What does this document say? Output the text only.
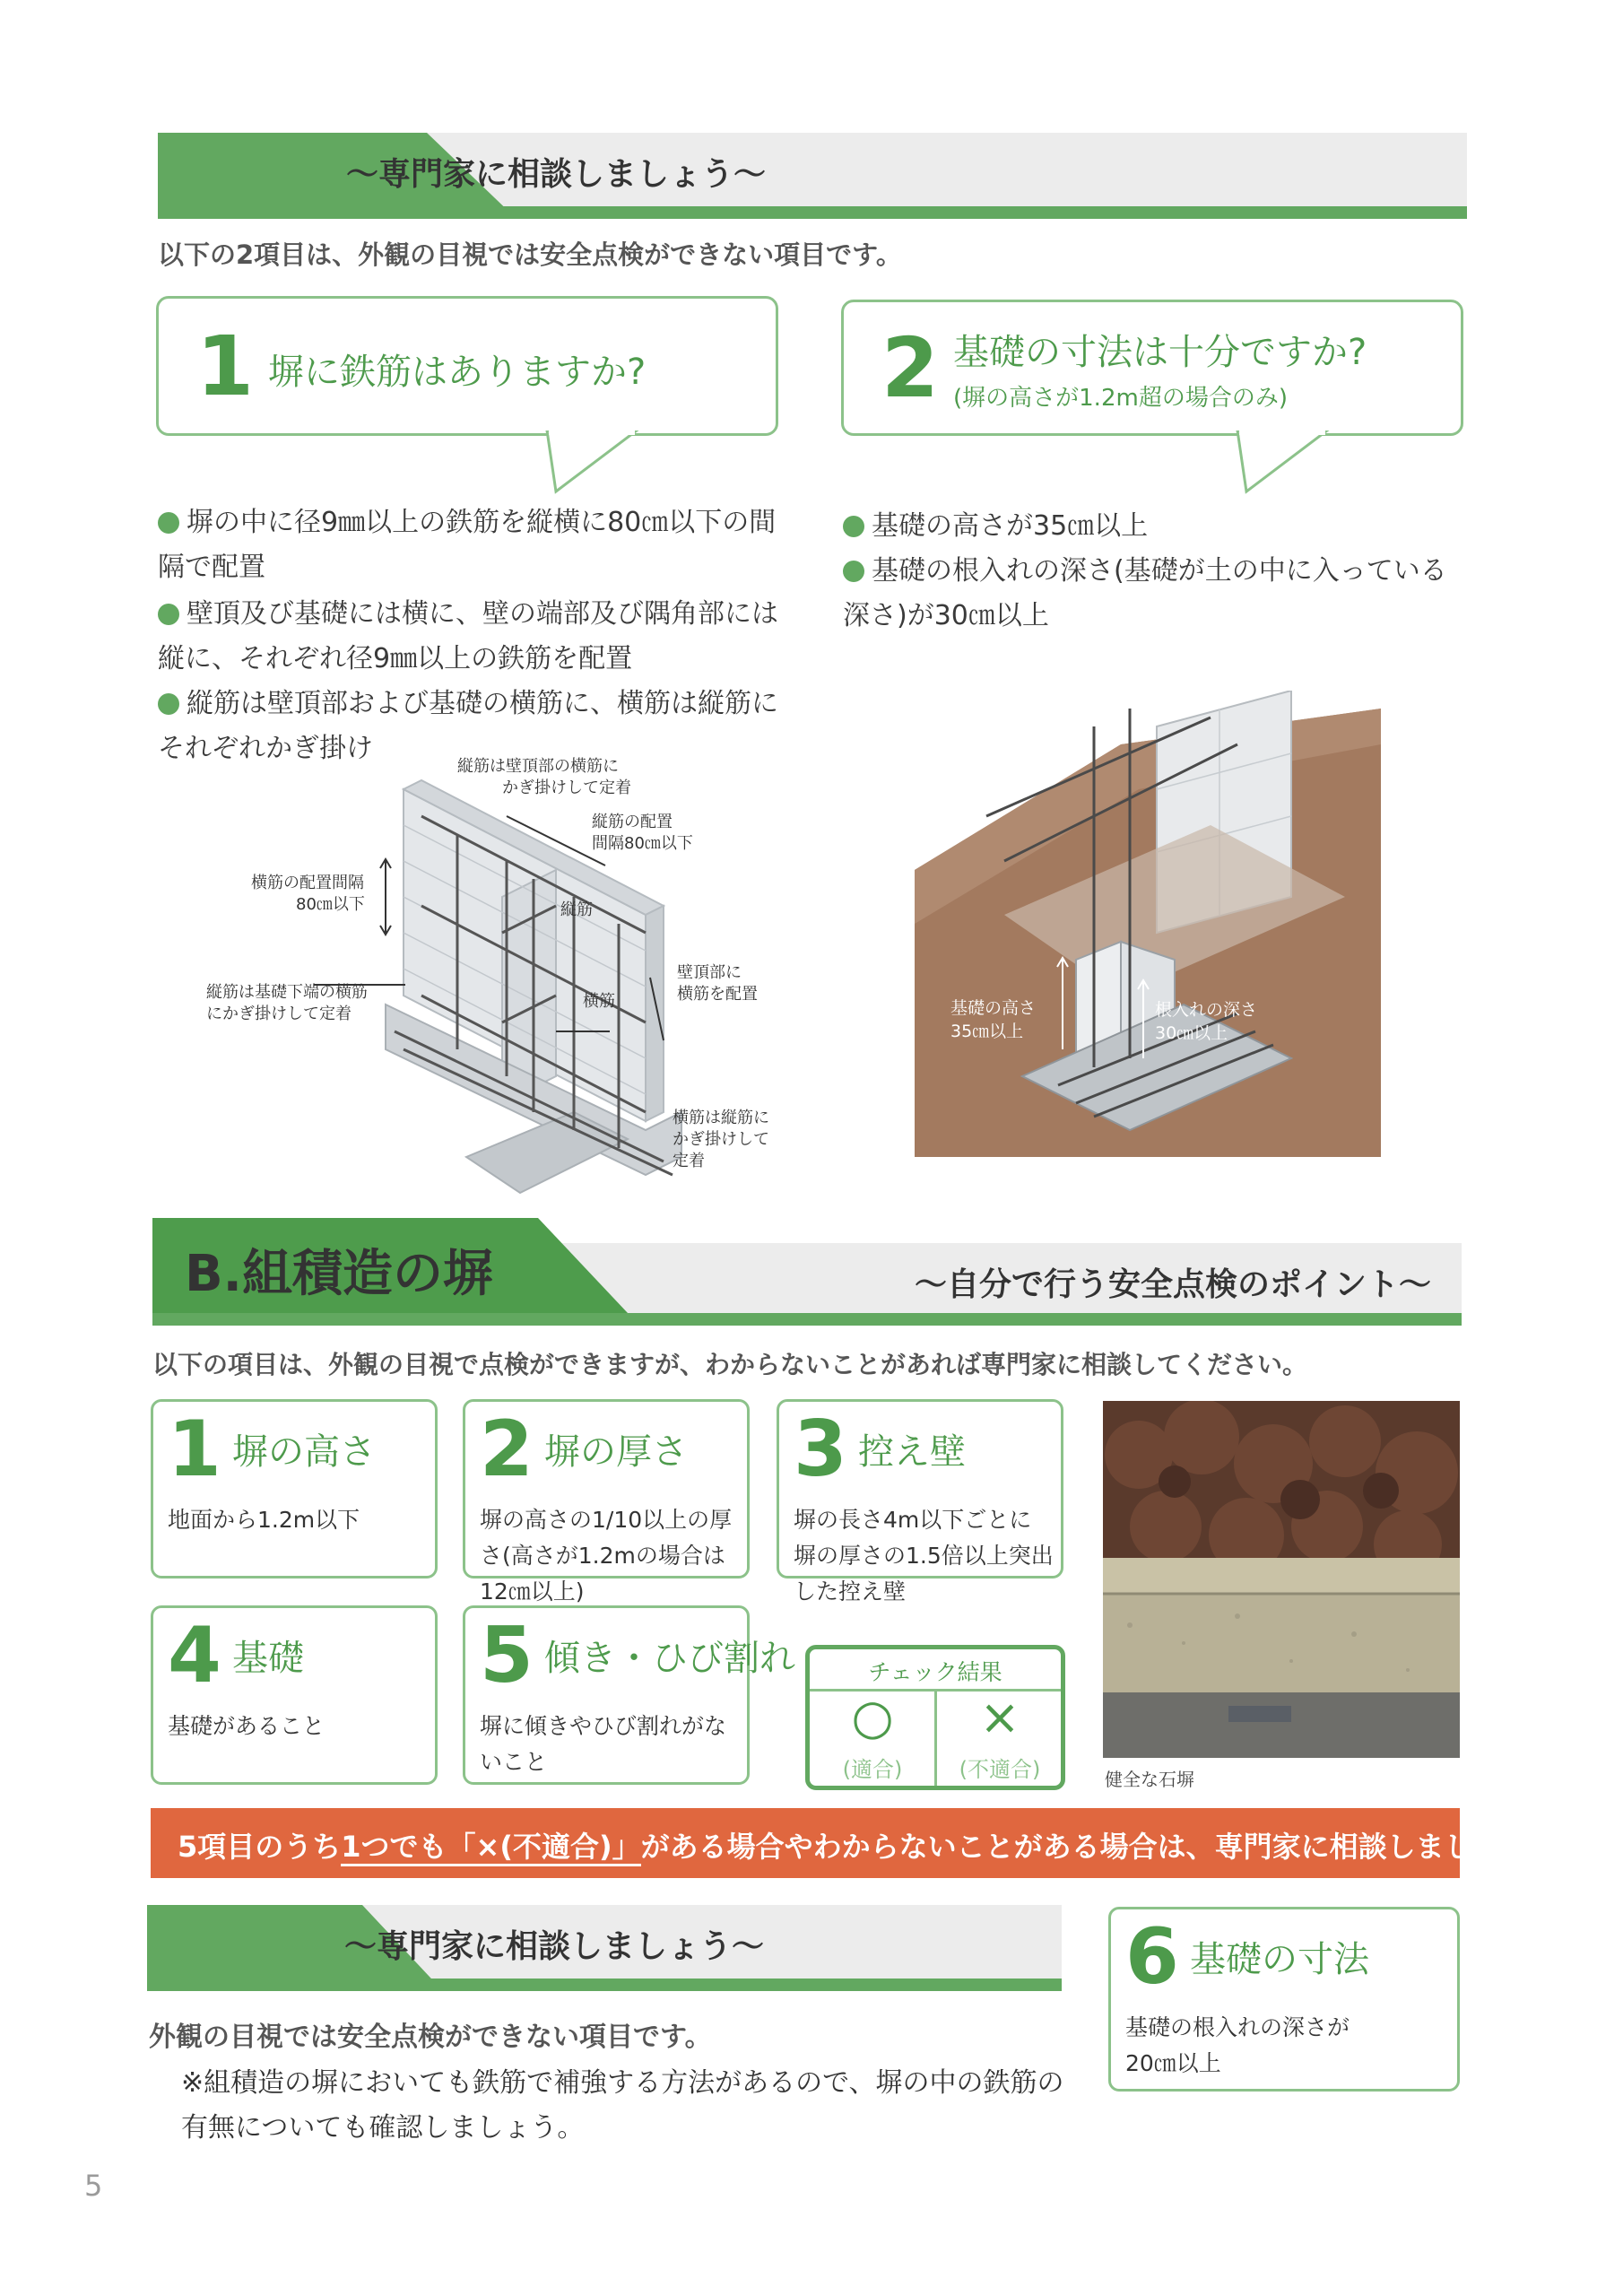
〜専門家に相談しましょう〜
以下の2項目は、外観の目視では安全点検ができない項目です。
1 塀に鉄筋はありますか?	2 基礎の寸法は十分ですか?
(塀の高さが1.2m超の場合のみ)
塀の中に径9㎜以上の鉄筋を縦横に80㎝以下の間隔で配置
壁頂及び基礎には横に、壁の端部及び隅角部には縦に、それぞれ径9㎜以上の鉄筋を配置
縦筋は壁頂部および基礎の横筋に、横筋は縦筋にそれぞれかぎ掛け
基礎の高さが35㎝以上
基礎の根入れの深さ(基礎が土の中に入っている深さ)が30㎝以上
縦筋は壁頂部の横筋に
かぎ掛けして定着
縦筋の配置
間隔80㎝以下
横筋の配置間隔
80㎝以下	縦筋
壁頂部に
横筋を配置
横筋
縦筋は基礎下端の横筋
にかぎ掛けして定着
横筋は縦筋に
かぎ掛けして
定着
基礎の高さ
35㎝以上
根入れの深さ
30㎝以上
B.組積造の塀	〜自分で行う安全点検のポイント〜
以下の項目は、外観の目視で点検ができますが、わからないことがあれば専門家に相談してください。
1 塀の高さ
地面から1.2m以下
2 塀の厚さ
塀の高さの1/10以上の厚さ(高さが1.2mの場合は12㎝以上)
3 控え壁
塀の長さ4m以下ごとに塀の厚さの1.5倍以上突出した控え壁
4 基礎
基礎があること
5 傾き・ひび割れ
塀に傾きやひび割れがないこと
チェック結果
○
(適合)
×
(不適合)	健全な石塀
5項目のうち1つでも「×(不適合)」がある場合やわからないことがある場合は、専門家に相談しましょう!
〜専門家に相談しましょう〜
外観の目視では安全点検ができない項目です。
※組積造の塀においても鉄筋で補強する方法があるので、塀の中の鉄筋の有無についても確認しましょう。
6 基礎の寸法
基礎の根入れの深さが20㎝以上
5
